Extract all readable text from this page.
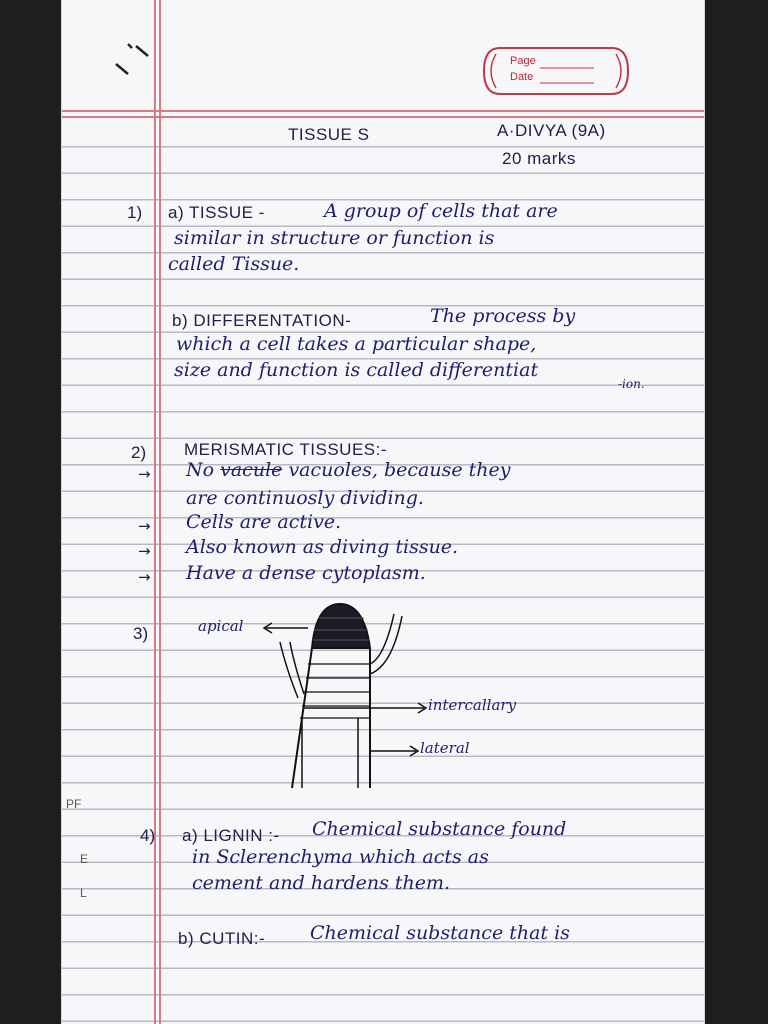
Page
Date
TISSUE S	A·DIVYA (9A)
20 marks
1) a) TISSUE -	A group of cells that are
similar in structure or function is
called Tissue.
b) DIFFERENTATION-	The process by
which a cell takes a particular shape,
size and function is called differentiat
-ion.
2) MERISMATIC TISSUES:-
→ No vacule vacuoles, because they
are continuosly dividing.
→ Cells are active.
→ Also known as diving tissue.
→ Have a dense cytoplasm.
3)	apical
intercallary
lateral
4) a) LIGNIN :- Chemical substance found
in Sclerenchyma which acts as
cement and hardens them.
b) CUTIN:- Chemical substance that is
PF
E
L
